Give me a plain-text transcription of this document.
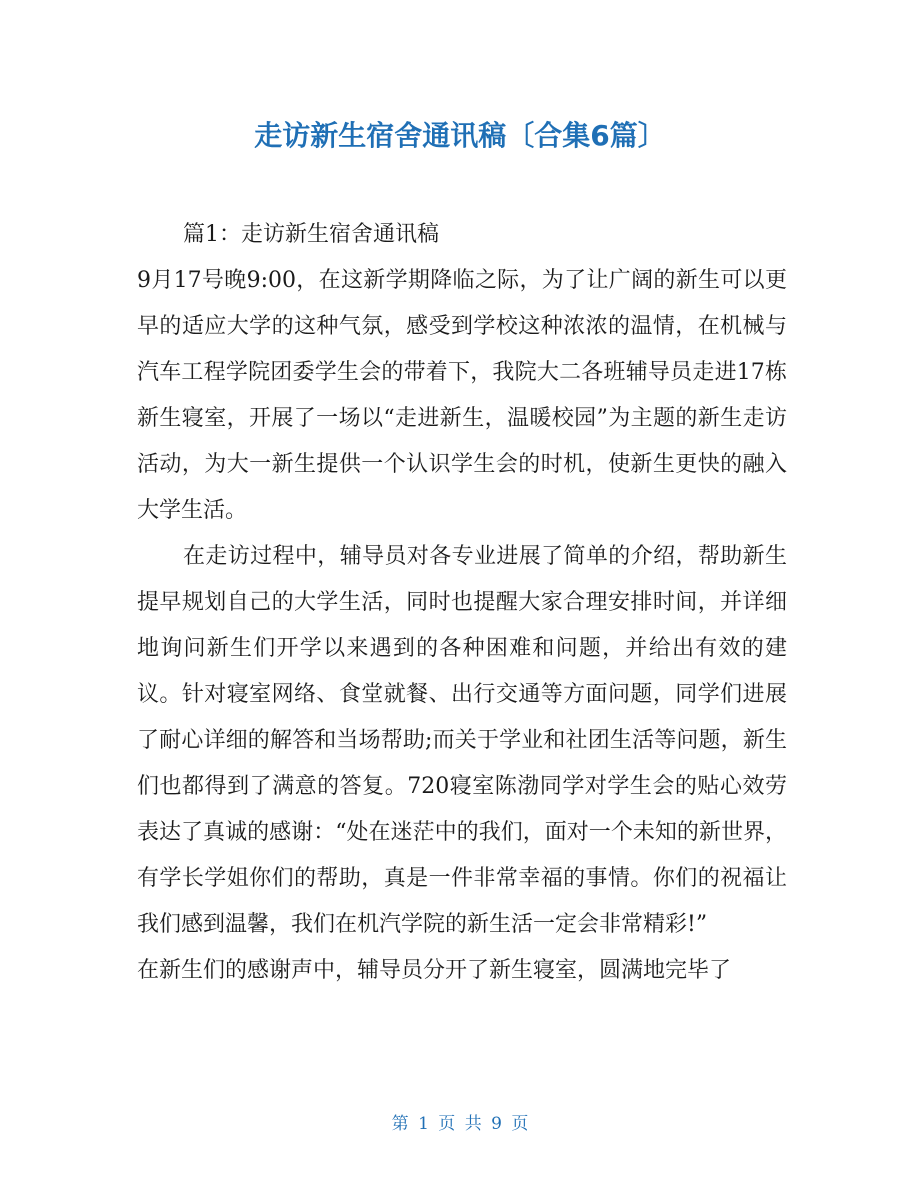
走访新生宿舍通讯稿〔合集6篇〕

篇1：走访新生宿舍通讯稿

9月17号晚9:00，在这新学期降临之际，为了让广阔的新生可以更早的适应大学的这种气氛，感受到学校这种浓浓的温情，在机械与汽车工程学院团委学生会的带着下，我院大二各班辅导员走进17栋新生寝室，开展了一场以“走进新生，温暖校园”为主题的新生走访活动，为大一新生提供一个认识学生会的时机，使新生更快的融入大学生活。

在走访过程中，辅导员对各专业进展了简单的介绍，帮助新生提早规划自己的大学生活，同时也提醒大家合理安排时间，并详细地询问新生们开学以来遇到的各种困难和问题，并给出有效的建议。针对寝室网络、食堂就餐、出行交通等方面问题，同学们进展了耐心详细的解答和当场帮助;而关于学业和社团生活等问题，新生们也都得到了满意的答复。720寝室陈渤同学对学生会的贴心效劳表达了真诚的感谢：“处在迷茫中的我们，面对一个未知的新世界，有学长学姐你们的帮助，真是一件非常幸福的事情。你们的祝福让我们感到温馨，我们在机汽学院的新生活一定会非常精彩!”

在新生们的感谢声中，辅导员分开了新生寝室，圆满地完毕了

第 1 页 共 9 页
